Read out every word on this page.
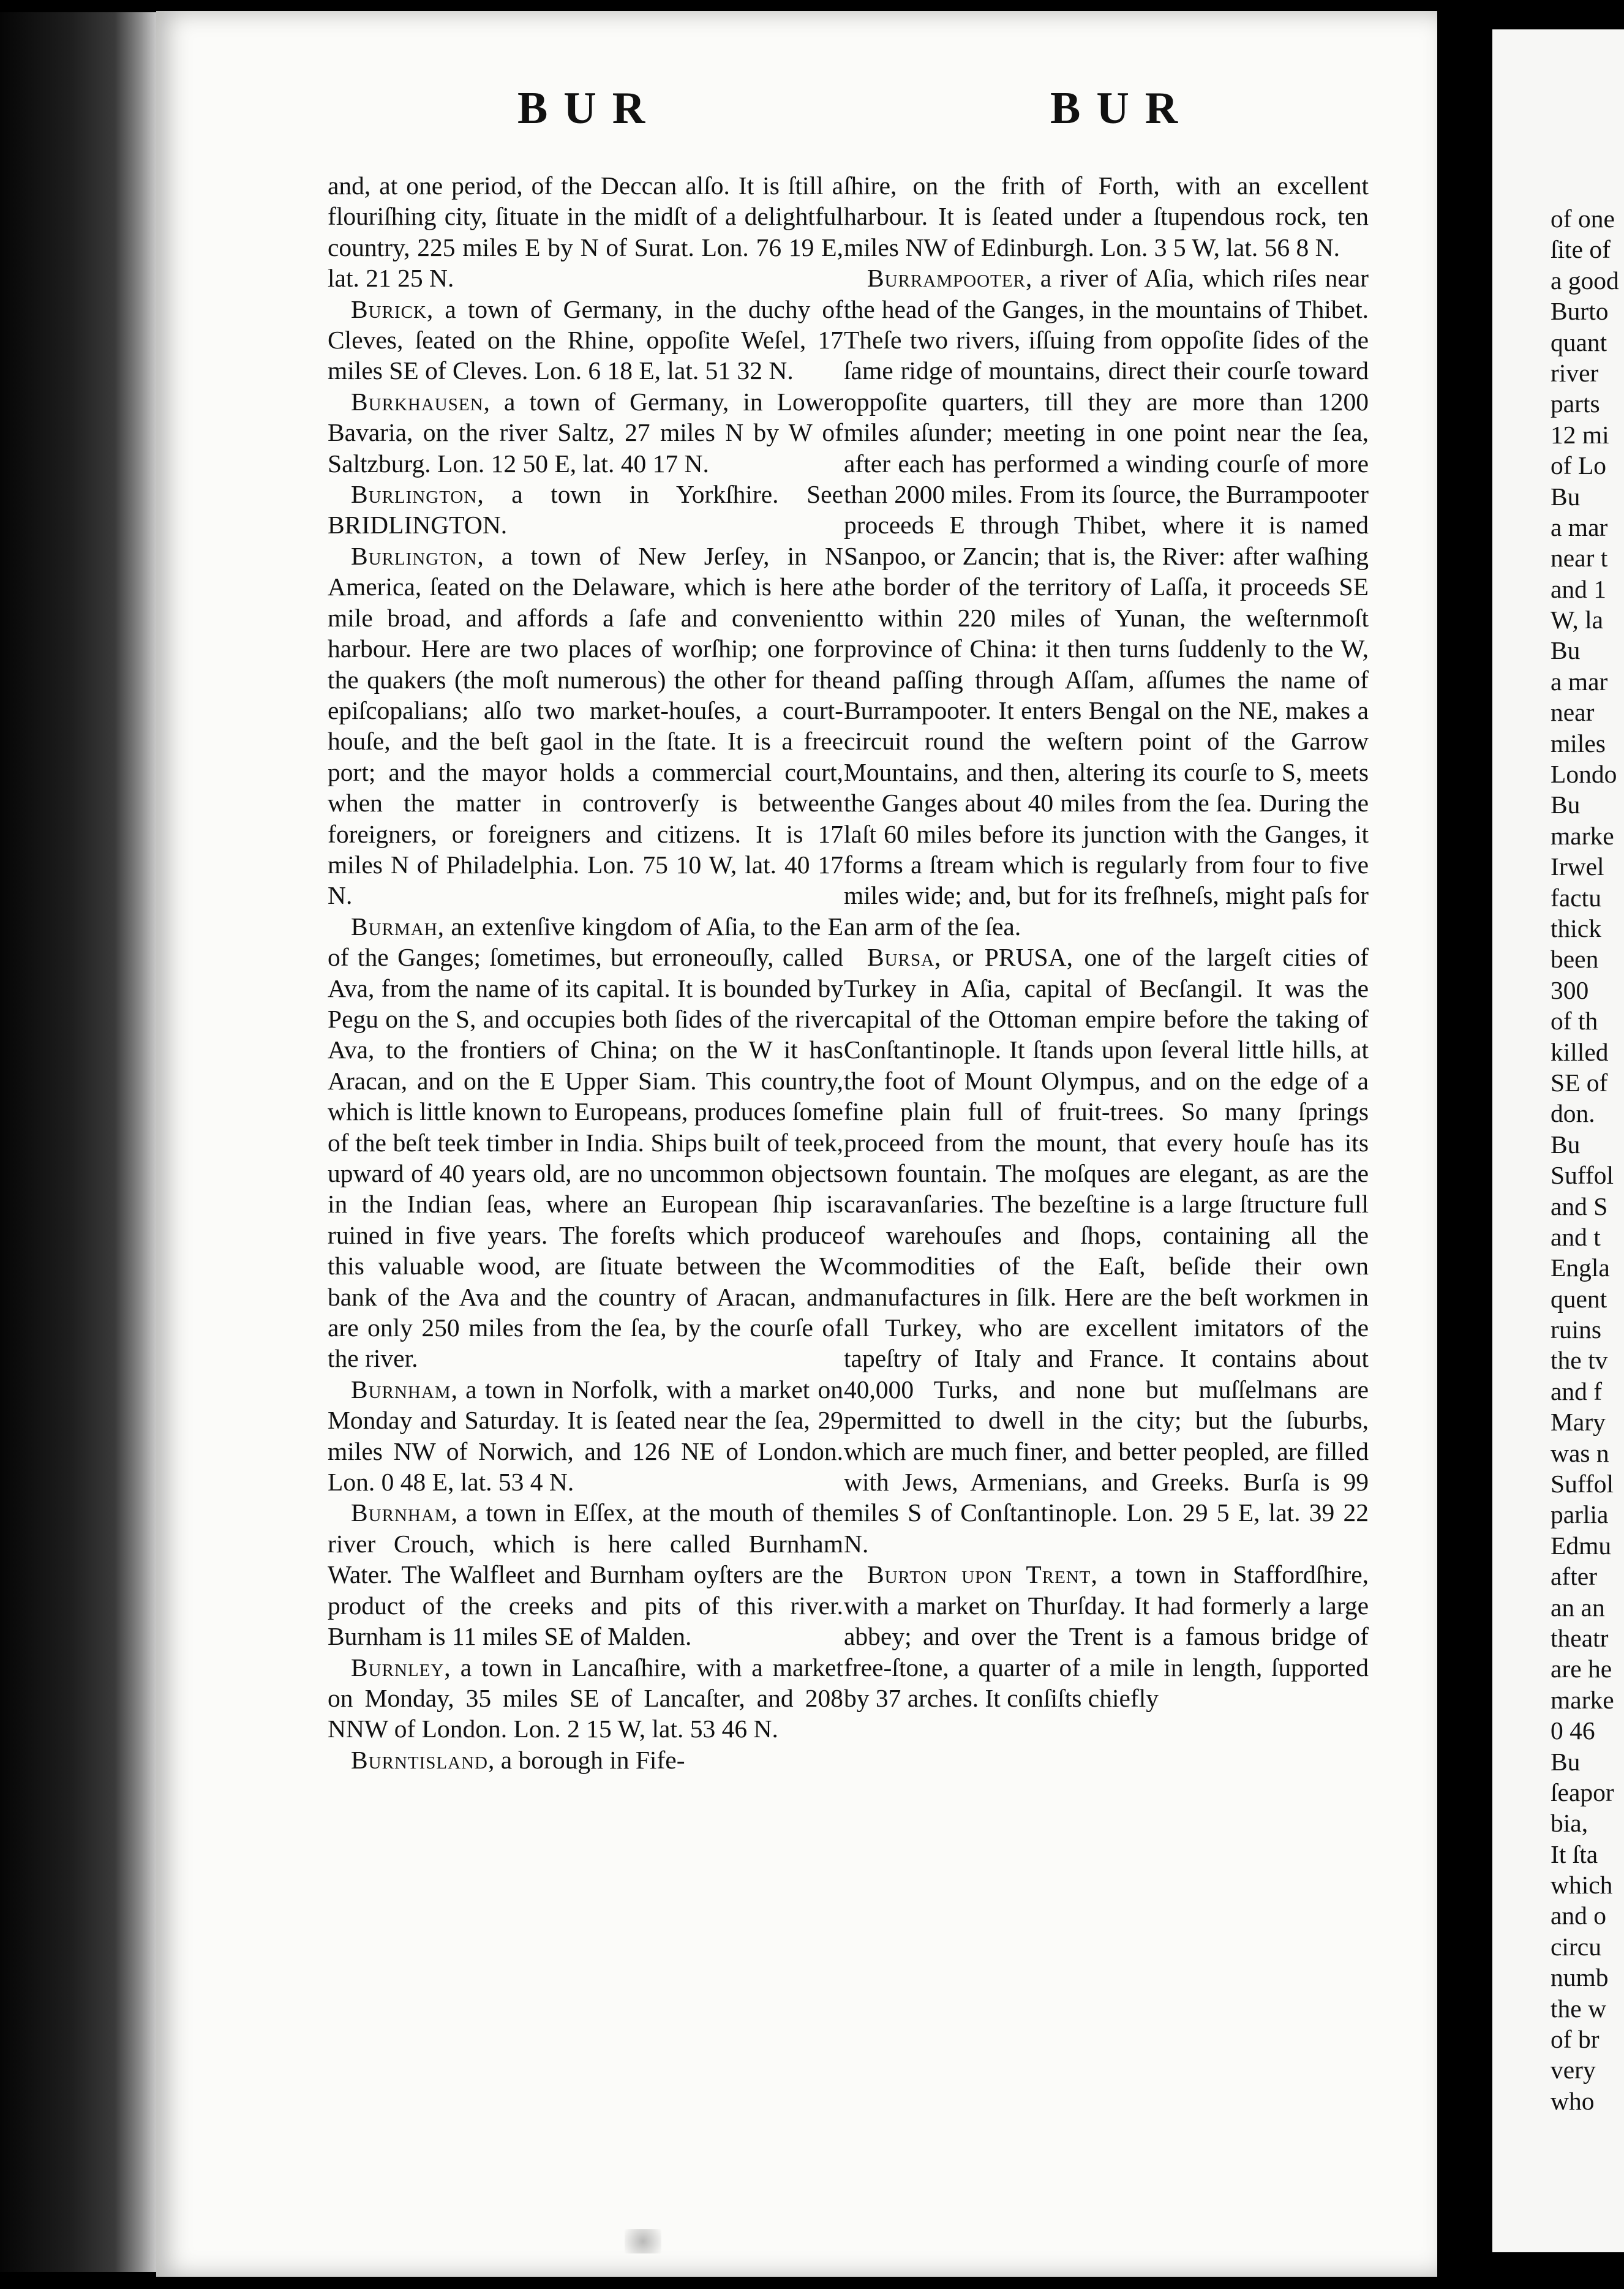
BUR	BUR

and, at one period, of the Deccan alſo. It is ſtill a flouriſhing city, ſituate in the midſt of a delightful country, 225 miles E by N of Surat. Lon. 76 19 E, lat. 21 25 N.

Burick, a town of Germany, in the duchy of Cleves, ſeated on the Rhine, oppoſite Weſel, 17 miles SE of Cleves. Lon. 6 18 E, lat. 51 32 N.

Burkhausen, a town of Germany, in Lower Bavaria, on the river Saltz, 27 miles N by W of Saltzburg. Lon. 12 50 E, lat. 40 17 N.

Burlington, a town in Yorkſhire. See BRIDLINGTON.

Burlington, a town of New Jerſey, in N America, ſeated on the Delaware, which is here a mile broad, and affords a ſafe and convenient harbour. Here are two places of worſhip; one for the quakers (the moſt numerous) the other for the epiſcopalians; alſo two market-houſes, a court-houſe, and the beſt gaol in the ſtate. It is a free port; and the mayor holds a commercial court, when the matter in controverſy is between foreigners, or foreigners and citizens. It is 17 miles N of Philadelphia. Lon. 75 10 W, lat. 40 17 N.

Burmah, an extenſive kingdom of Aſia, to the E of the Ganges; ſometimes, but erroneouſly, called Ava, from the name of its capital. It is bounded by Pegu on the S, and occupies both ſides of the river Ava, to the frontiers of China; on the W it has Aracan, and on the E Upper Siam. This country, which is little known to Europeans, produces ſome of the beſt teek timber in India. Ships built of teek, upward of 40 years old, are no uncommon objects in the Indian ſeas, where an European ſhip is ruined in five years. The foreſts which produce this valuable wood, are ſituate between the W bank of the Ava and the country of Aracan, and are only 250 miles from the ſea, by the courſe of the river.

Burnham, a town in Norfolk, with a market on Monday and Saturday. It is ſeated near the ſea, 29 miles NW of Norwich, and 126 NE of London. Lon. 0 48 E, lat. 53 4 N.

Burnham, a town in Eſſex, at the mouth of the river Crouch, which is here called Burnham Water. The Walfleet and Burnham oyſters are the product of the creeks and pits of this river. Burnham is 11 miles SE of Malden.

Burnley, a town in Lancaſhire, with a market on Monday, 35 miles SE of Lancaſter, and 208 NNW of London. Lon. 2 15 W, lat. 53 46 N.

Burntisland, a borough in Fife-

ſhire, on the frith of Forth, with an excellent harbour. It is ſeated under a ſtupendous rock, ten miles NW of Edinburgh. Lon. 3 5 W, lat. 56 8 N.

Burrampooter, a river of Aſia, which riſes near the head of the Ganges, in the mountains of Thibet. Theſe two rivers, iſſuing from oppoſite ſides of the ſame ridge of mountains, direct their courſe toward oppoſite quarters, till they are more than 1200 miles aſunder; meeting in one point near the ſea, after each has performed a winding courſe of more than 2000 miles. From its ſource, the Burrampooter proceeds E through Thibet, where it is named Sanpoo, or Zancin; that is, the River: after waſhing the border of the territory of Laſſa, it proceeds SE to within 220 miles of Yunan, the weſternmoſt province of China: it then turns ſuddenly to the W, and paſſing through Aſſam, aſſumes the name of Burrampooter. It enters Bengal on the NE, makes a circuit round the weſtern point of the Garrow Mountains, and then, altering its courſe to S, meets the Ganges about 40 miles from the ſea. During the laſt 60 miles before its junction with the Ganges, it forms a ſtream which is regularly from four to five miles wide; and, but for its freſhneſs, might paſs for an arm of the ſea.

Bursa, or PRUSA, one of the largeſt cities of Turkey in Aſia, capital of Becſangil. It was the capital of the Ottoman empire before the taking of Conſtantinople. It ſtands upon ſeveral little hills, at the foot of Mount Olympus, and on the edge of a fine plain full of fruit-trees. So many ſprings proceed from the mount, that every houſe has its own fountain. The moſques are elegant, as are the caravanſaries. The bezeſtine is a large ſtructure full of warehouſes and ſhops, containing all the commodities of the Eaſt, beſide their own manufactures in ſilk. Here are the beſt workmen in all Turkey, who are excellent imitators of the tapeſtry of Italy and France. It contains about 40,000 Turks, and none but muſſelmans are permitted to dwell in the city; but the ſuburbs, which are much finer, and better peopled, are filled with Jews, Armenians, and Greeks. Burſa is 99 miles S of Conſtantinople. Lon. 29 5 E, lat. 39 22 N.

Burton upon Trent, a town in Staffordſhire, with a market on Thurſday. It had formerly a large abbey; and over the Trent is a famous bridge of free-ſtone, a quarter of a mile in length, ſupported by 37 arches. It conſiſts chiefly

of one
ſite of
a good
Burto
quant
river
parts
12 mi
of Lo
Bu
a mar
near t
and 1
W, la
Bu
a mar
near
miles
Londo
Bu
marke
Irwel
factu
thick
been
300
of th
killed
SE of
don.
Bu
Suffol
and S
and t
Engla
quent
ruins
the tv
and f
Mary
was n
Suffol
parlia
Edmu
after
an an
theatr
are he
marke
0 46
Bu
ſeapor
bia,
It ſta
which
and o
circu
numb
the w
of br
very
who
